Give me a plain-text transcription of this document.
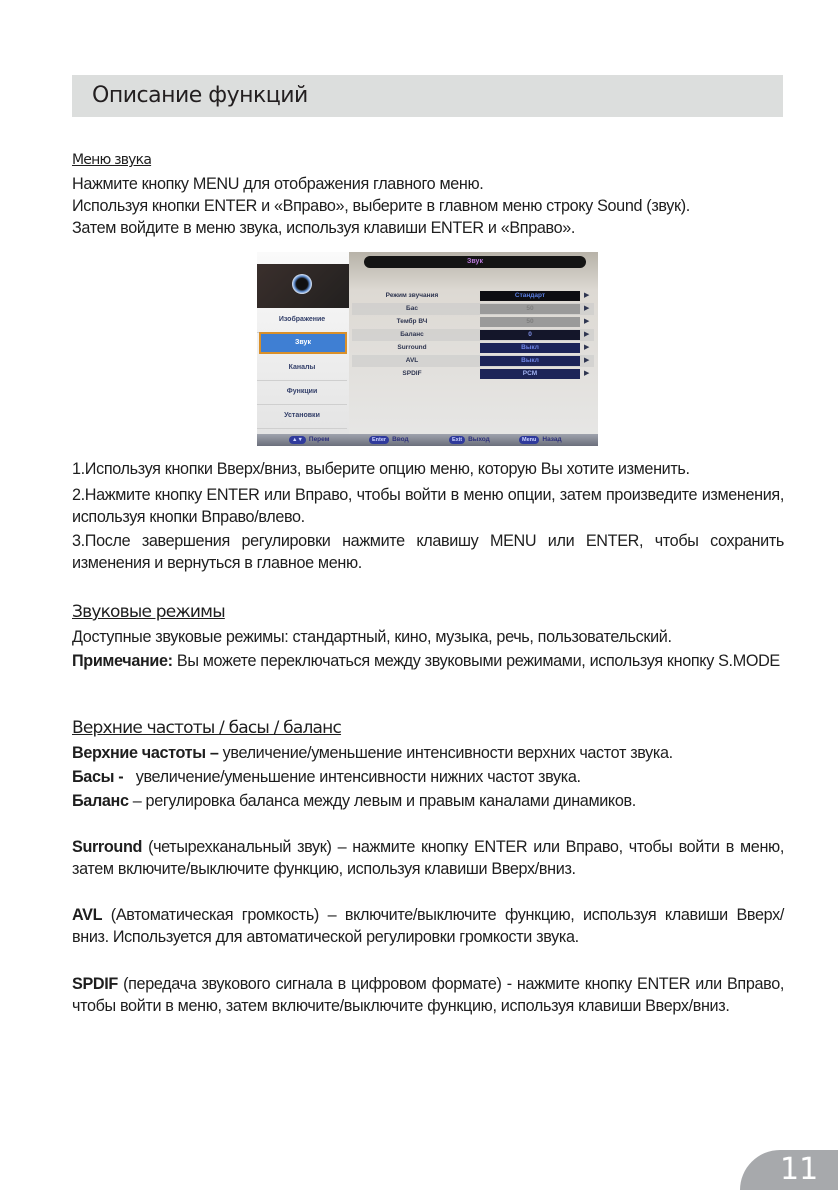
Описание функций
Меню звука
Нажмите кнопку MENU для отображения главного меню.
Используя кнопки ENTER и «Вправо», выберите в главном меню строку Sound (звук).
Затем войдите в меню звука, используя клавиши ENTER и «Вправо».
Изображение
Звук
Каналы
Функции
Установки
Звук
Режим звучания	Стандарт	▶
Бас	50	▶
Тембр ВЧ	50	▶
Баланс	0	▶
Surround	Выкл	▶
AVL	Выкл	▶
SPDIF	PCM	▶
▲▼ Перем	Enter Ввод	Exit Выход	Menu Назад
1.Используя кнопки Вверх/вниз, выберите опцию меню, которую Вы хотите изменить.
2.Нажмите кнопку ENTER или Вправо, чтобы войти в меню опции, затем произведите изменения, используя кнопки Вправо/влево.
3.После завершения регулировки нажмите клавишу MENU или ENTER, чтобы сохранить изменения и вернуться в главное меню.
Звуковые режимы
Доступные звуковые режимы: стандартный, кино, музыка, речь, пользовательский.
Примечание: Вы можете переключаться между звуковыми режимами, используя кнопку S.MODE
Верхние частоты / басы / баланс
Верхние частоты – увеличение/уменьшение интенсивности верхних частот звука.
Басы -   увеличение/уменьшение интенсивности нижних частот звука.
Баланс – регулировка баланса между левым и правым каналами динамиков.
Surround (четырехканальный звук) – нажмите кнопку ENTER или Вправо, чтобы войти в меню, затем включите/выключите функцию, используя клавиши Вверх/вниз.
AVL (Автоматическая громкость) – включите/выключите функцию, используя клавиши Вверх/вниз. Используется для автоматической регулировки громкости звука.
SPDIF (передача звукового сигнала в цифровом формате) - нажмите кнопку ENTER или Вправо, чтобы войти в меню, затем включите/выключите функцию, используя клавиши Вверх/вниз.
11
